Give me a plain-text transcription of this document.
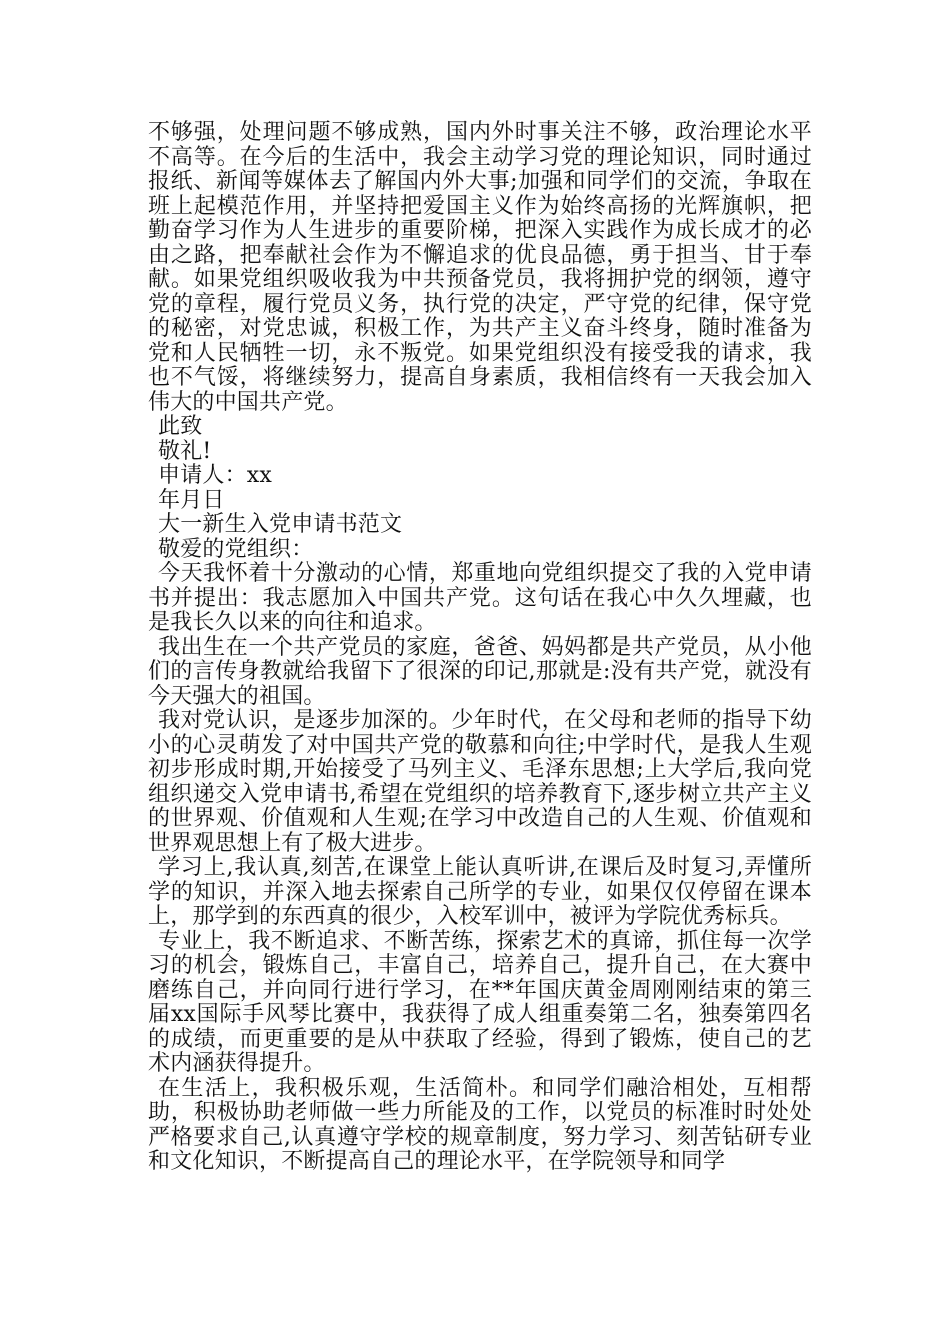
不够强，处理问题不够成熟，国内外时事关注不够，政治理论水平不高等。在今后的生活中，我会主动学习党的理论知识，同时通过报纸、新闻等媒体去了解国内外大事;加强和同学们的交流，争取在班上起模范作用，并坚持把爱国主义作为始终高扬的光辉旗帜，把勤奋学习作为人生进步的重要阶梯，把深入实践作为成长成才的必由之路，把奉献社会作为不懈追求的优良品德，勇于担当、甘于奉献。如果党组织吸收我为中共预备党员，我将拥护党的纲领，遵守党的章程，履行党员义务，执行党的决定，严守党的纪律，保守党的秘密，对党忠诚，积极工作，为共产主义奋斗终身，随时准备为党和人民牺牲一切，永不叛党。如果党组织没有接受我的请求，我也不气馁，将继续努力，提高自身素质，我相信终有一天我会加入伟大的中国共产党。

此致

敬礼!

申请人：xx

年月日

大一新生入党申请书范文

敬爱的党组织：

今天我怀着十分激动的心情，郑重地向党组织提交了我的入党申请书并提出：我志愿加入中国共产党。这句话在我心中久久埋藏，也是我长久以来的向往和追求。

我出生在一个共产党员的家庭，爸爸、妈妈都是共产党员，从小他们的言传身教就给我留下了很深的印记,那就是:没有共产党，就没有今天强大的祖国。

我对党认识，是逐步加深的。少年时代，在父母和老师的指导下幼小的心灵萌发了对中国共产党的敬慕和向往;中学时代，是我人生观初步形成时期,开始接受了马列主义、毛泽东思想;上大学后,我向党组织递交入党申请书,希望在党组织的培养教育下,逐步树立共产主义的世界观、价值观和人生观;在学习中改造自己的人生观、价值观和世界观思想上有了极大进步。

学习上,我认真,刻苦,在课堂上能认真听讲,在课后及时复习,弄懂所学的知识，并深入地去探索自己所学的专业，如果仅仅停留在课本上，那学到的东西真的很少，入校军训中，被评为学院优秀标兵。

专业上，我不断追求、不断苦练，探索艺术的真谛，抓住每一次学习的机会，锻炼自己，丰富自己，培养自己，提升自己，在大赛中磨练自己，并向同行进行学习，在**年国庆黄金周刚刚结束的第三届xx国际手风琴比赛中，我获得了成人组重奏第二名，独奏第四名的成绩，而更重要的是从中获取了经验，得到了锻炼，使自己的艺术内涵获得提升。

在生活上，我积极乐观，生活简朴。和同学们融洽相处，互相帮助，积极协助老师做一些力所能及的工作，以党员的标准时时处处严格要求自己,认真遵守学校的规章制度，努力学习、刻苦钻研专业和文化知识，不断提高自己的理论水平，在学院领导和同学
